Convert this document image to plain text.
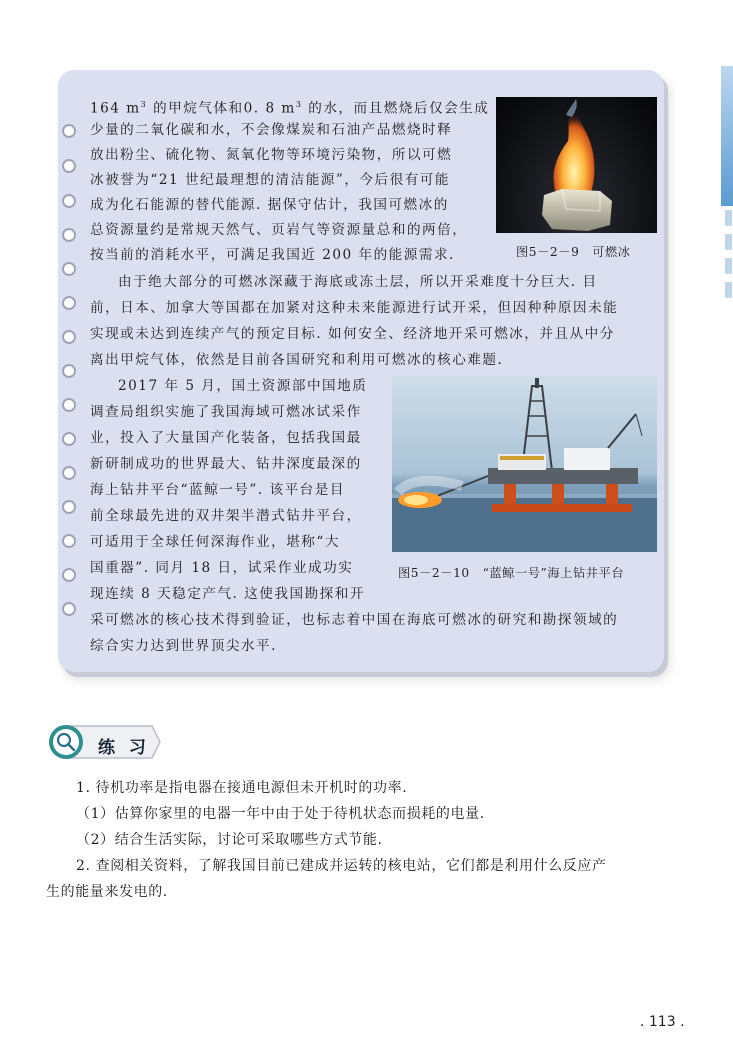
164 $m^3$ 的甲烷气体和0. 8 $m^3$ 的水，而且燃烧后仅会生成
少量的二氧化碳和水，不会像煤炭和石油产品燃烧时释
放出粉尘、硫化物、氮氧化物等环境污染物，所以可燃
冰被誉为“21 世纪最理想的清洁能源”，今后很有可能
成为化石能源的替代能源. 据保守估计，我国可燃冰的
总资源量约是常规天然气、页岩气等资源量总和的两倍，
按当前的消耗水平，可满足我国近 200 年的能源需求.	图5－2－9　可燃冰
由于绝大部分的可燃冰深藏于海底或冻土层，所以开采难度十分巨大. 目
前，日本、加拿大等国都在加紧对这种未来能源进行试开采，但因种种原因未能
实现或未达到连续产气的预定目标. 如何安全、经济地开采可燃冰，并且从中分
离出甲烷气体，依然是目前各国研究和利用可燃冰的核心难题.
2017 年 5 月，国土资源部中国地质
调查局组织实施了我国海域可燃冰试采作
业，投入了大量国产化装备，包括我国最
新研制成功的世界最大、钻井深度最深的
海上钻井平台“蓝鲸一号”. 该平台是目
前全球最先进的双井架半潜式钻井平台，
可适用于全球任何深海作业，堪称“大
国重器”. 同月 18 日，试采作业成功实
现连续 8 天稳定产气. 这使我国勘探和开
采可燃冰的核心技术得到验证，也标志着中国在海底可燃冰的研究和勘探领域的
综合实力达到世界顶尖水平.
图5－2－10　“蓝鲸一号”海上钻井平台
练 习
1. 待机功率是指电器在接通电源但未开机时的功率.
（1）估算你家里的电器一年中由于处于待机状态而损耗的电量.
（2）结合生活实际，讨论可采取哪些方式节能.
2. 查阅相关资料，了解我国目前已建成并运转的核电站，它们都是利用什么反应产
生的能量来发电的.
. 113 .
